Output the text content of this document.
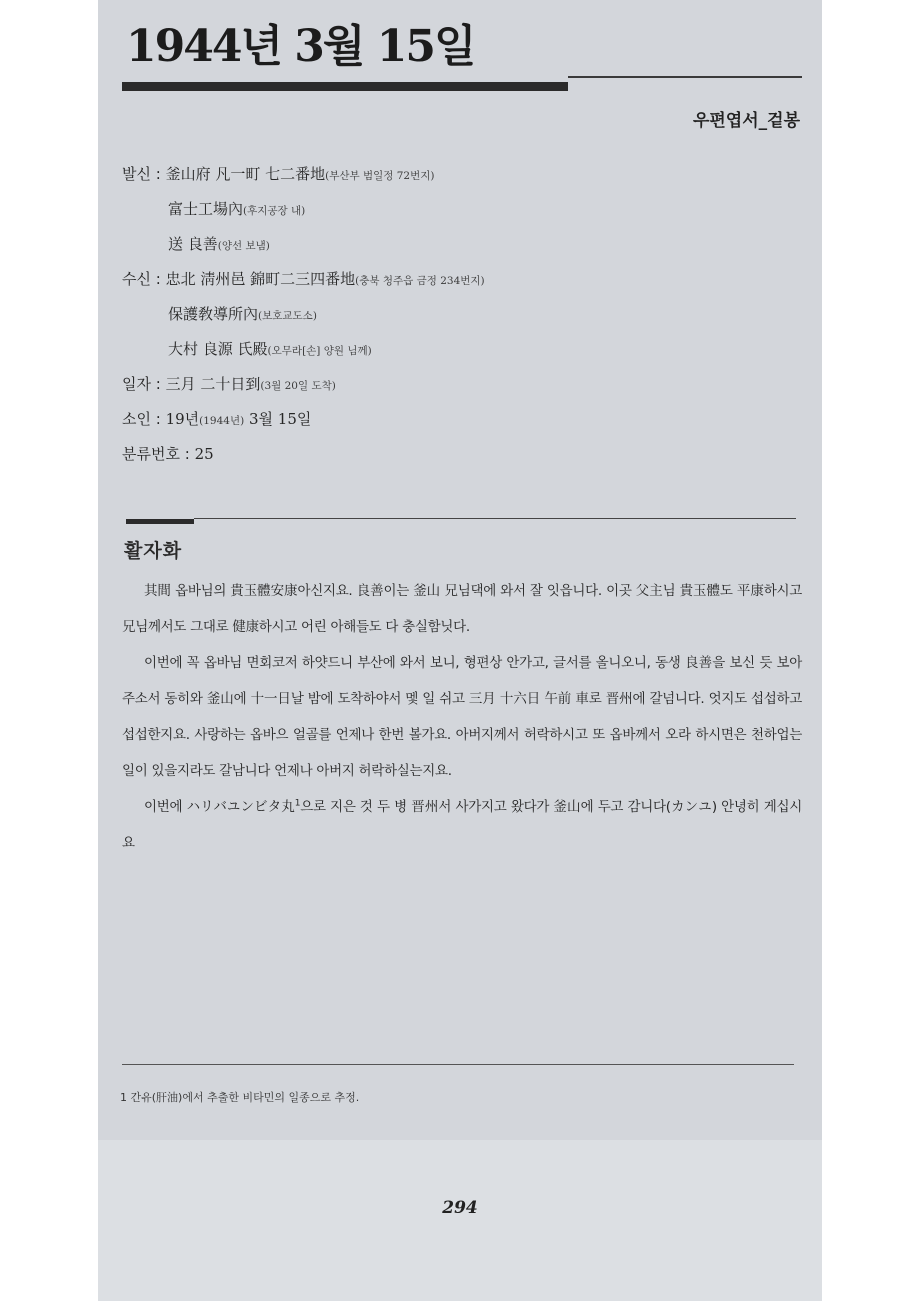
1944년 3월 15일
우편엽서_겉봉
발신 : 釜山府 凡一町 七二番地(부산부 범일정 72번지)
富士工場內(후지공장 내)
送 良善(양선 보냄)
수신 : 忠北 淸州邑 錦町二三四番地(충북 청주읍 금정 234번지)
保護敎導所內(보호교도소)
大村 良源 氏殿(오무라[손] 양원 님께)
일자 : 三月 二十日到(3월 20일 도착)
소인 : 19년(1944년) 3월 15일
분류번호 : 25
활자화

其間 옵바님의 貴玉體安康아신지요. 良善이는 釜山 兄님댁에 와서 잘 잇읍니다. 이곳 父主님 貴玉體도 平康하시고 兄님께서도 그대로 健康하시고 어린 아해들도 다 충실함닛다.

이번에 꼭 옵바님 면회코저 하얏드니 부산에 와서 보니, 형편상 안가고, 글서를 올니오니, 동생 良善을 보신 듯 보아 주소서 동히와 釜山에 十一日날 밤에 도착하야서 멫 일 쉬고 三月 十六日 午前 車로 晋州에 갈넘니다. 엇지도 섭섭하고 섭섭한지요. 사랑하는 옵바으 얼골를 언제나 한번 볼가요. 아버지께서 허락하시고 또 옵바께서 오라 하시면은 천하업는 일이 있을지라도 갈남니다 언제나 아버지 허락하실는지요.

이번에 ハリバユンビタ丸$^1$으로 지은 것 두 병 晋州서 사가지고 왔다가 釜山에 두고 감니다(カンユ) 안녕히 게십시요

1 간유(肝油)에서 추출한 비타민의 일종으로 추정.
294
